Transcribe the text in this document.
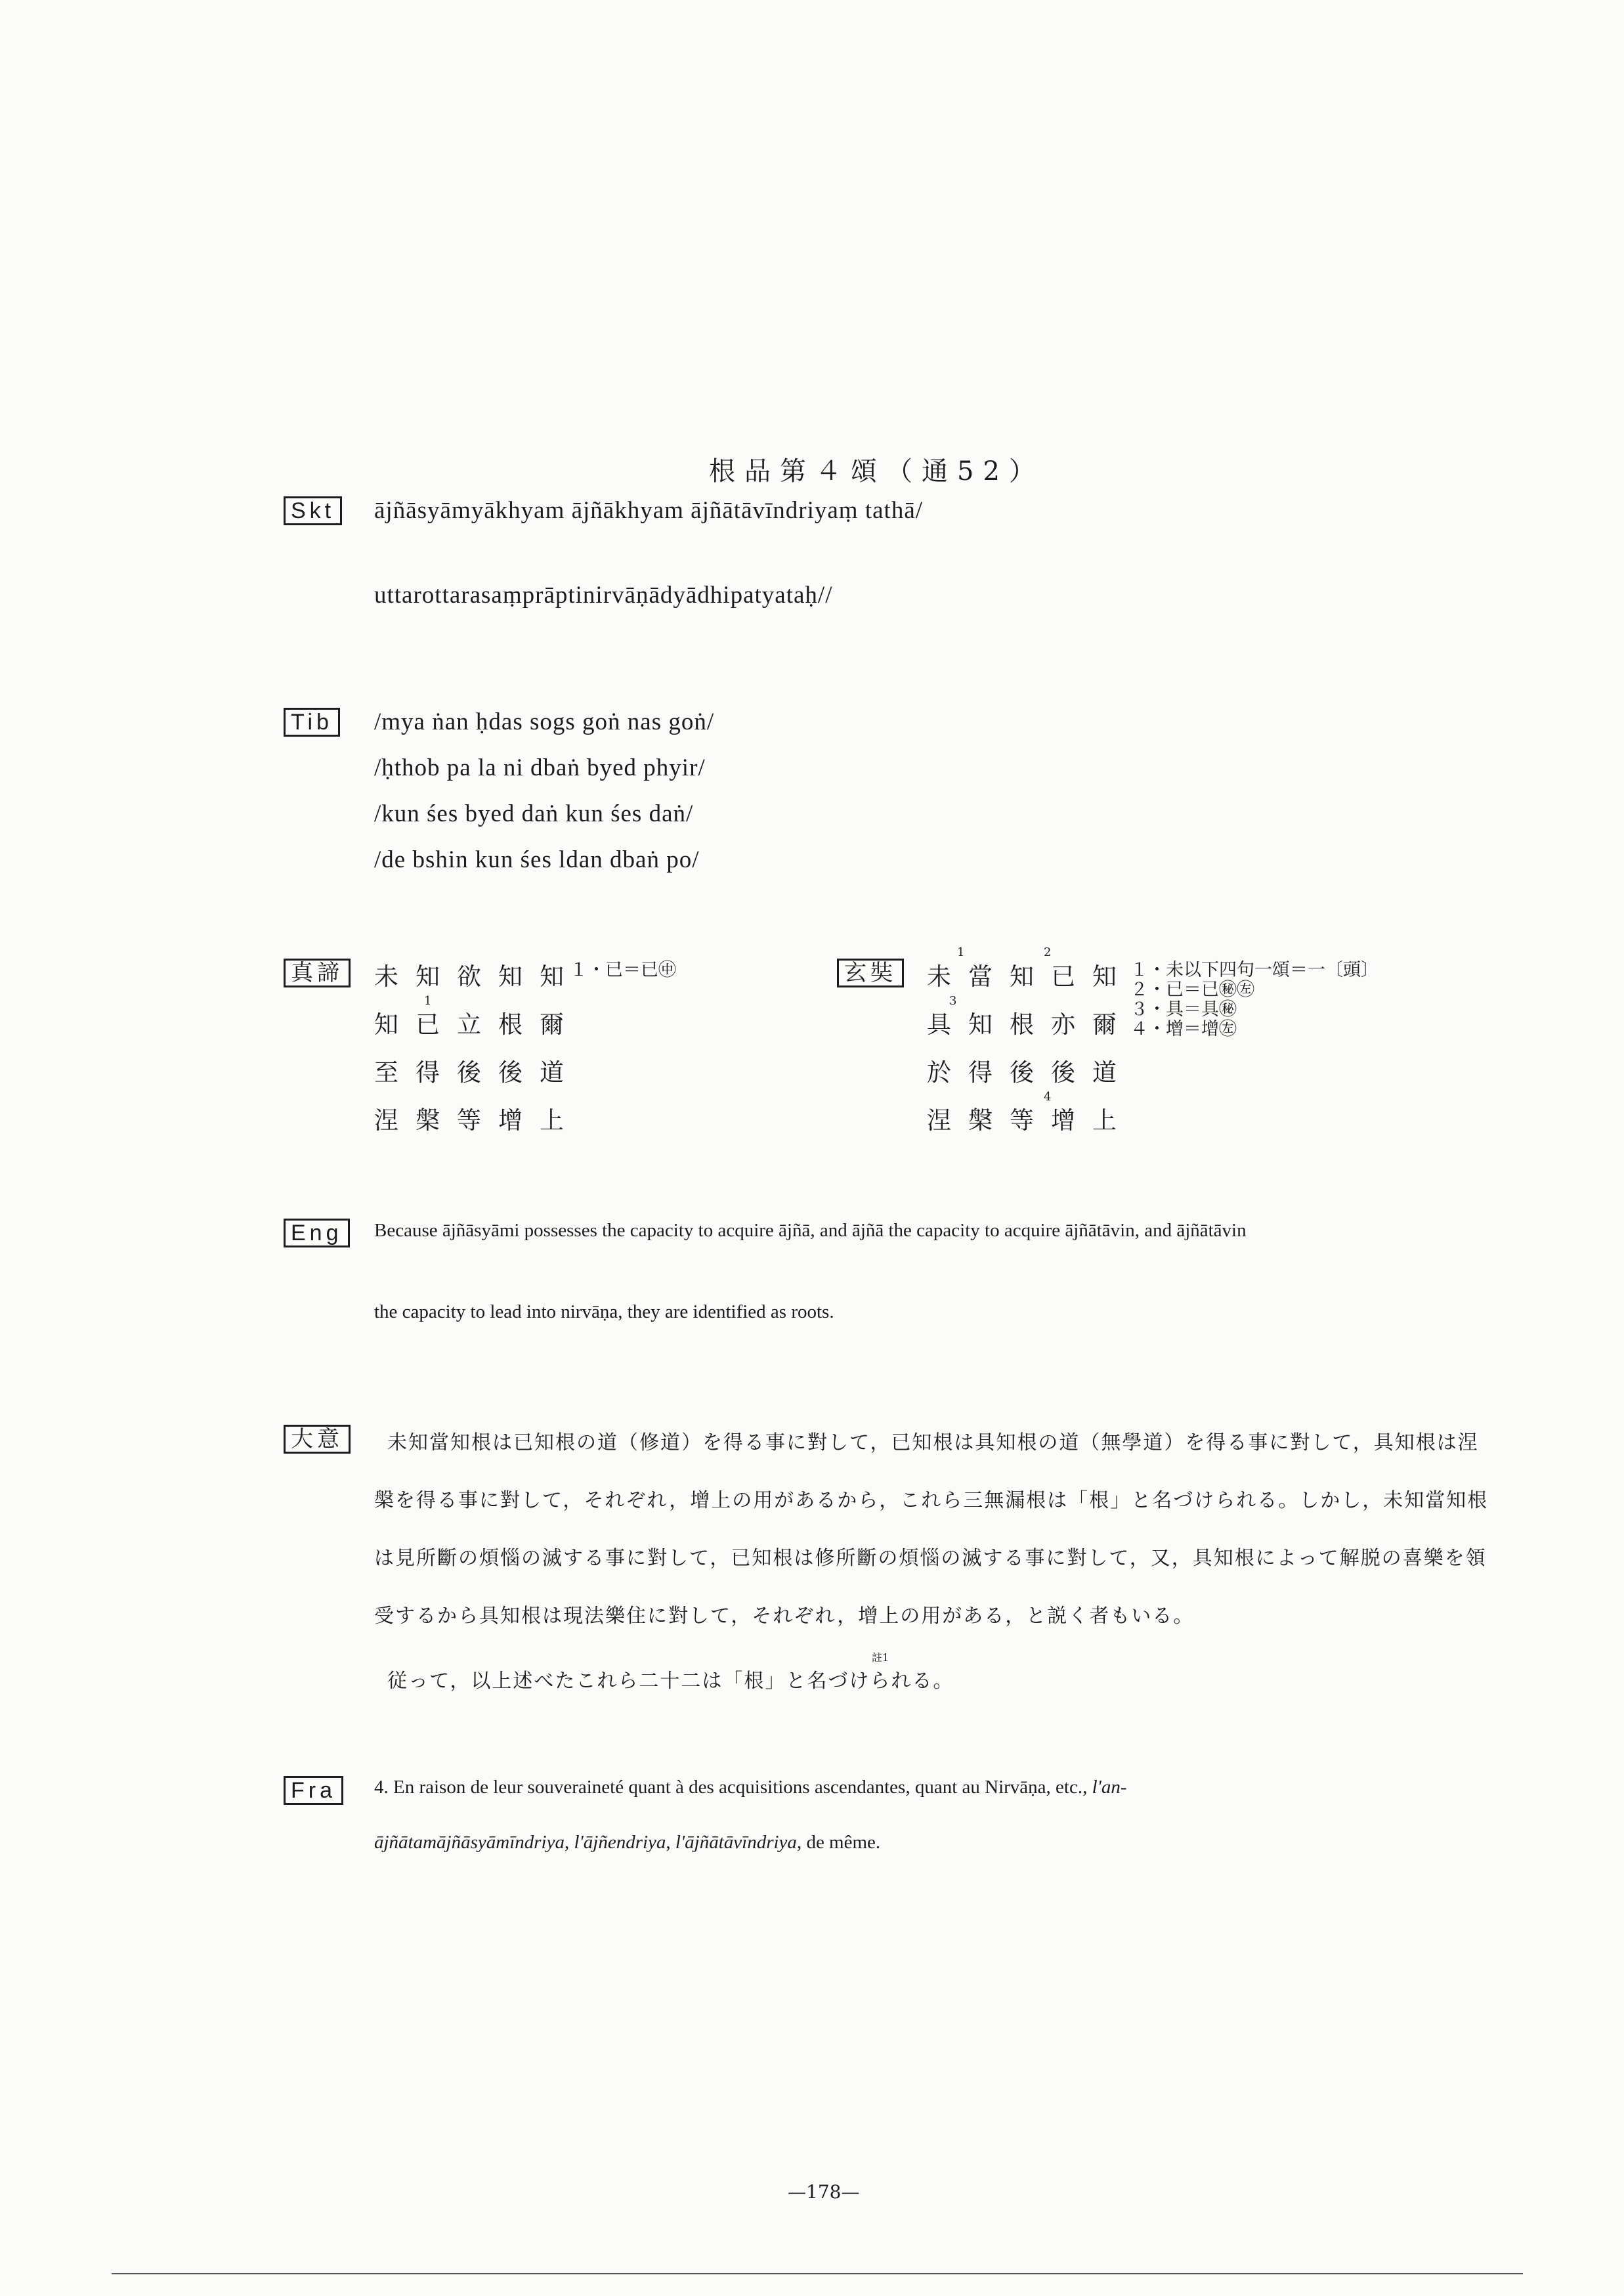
根品第４頌（通52）
Skt ājñāsyāmyākhyam ājñākhyam ājñātāvīndriyaṃ tathā/
uttarottarasaṃprāptinirvāṇādyādhipatyataḥ//
Tib /mya ṅan ḥdas sogs goṅ nas goṅ/
/ḥthob pa la ni dbaṅ byed phyir/
/kun śes byed daṅ kun śes daṅ/
/de bshin kun śes ldan dbaṅ po/
真諦 未知欲知知
知已立根爾
至得後後道
涅槃等增上
1
１・已＝已㊥	玄奘 未當知已知
具知根亦爾
於得後後道
涅槃等增上
1	2
3
4
１・未以下四句一頌＝一〔頭〕
２・已＝已㊙㊧
３・具＝具㊙
４・增＝增㊧
Eng	Because ājñāsyāmi possesses the capacity to acquire ājñā, and ājñā the capacity to acquire ājñātāvin, and ājñātāvin
the capacity to lead into nirvāṇa, they are identified as roots.
大意	未知當知根は已知根の道（修道）を得る事に對して，已知根は具知根の道（無學道）を得る事に對して，具知根は涅
槃を得る事に對して，それぞれ，增上の用があるから，これら三無漏根は「根」と名づけられる。しかし，未知當知根
は見所斷の煩惱の滅する事に對して，已知根は修所斷の煩惱の滅する事に對して，又，具知根によって解脱の喜樂を領
受するから具知根は現法樂住に對して，それぞれ，增上の用がある，と説く者もいる。
従って，以上述べたこれら二十二は「根」と名づけられる。
註1
Fra	4. En raison de leur souveraineté quant à des acquisitions ascendantes, quant au Nirvāṇa, etc., l'an-
ājñātamājñāsyāmīndriya, l'ājñendriya, l'ājñātāvīndriya, de même.
—178—
